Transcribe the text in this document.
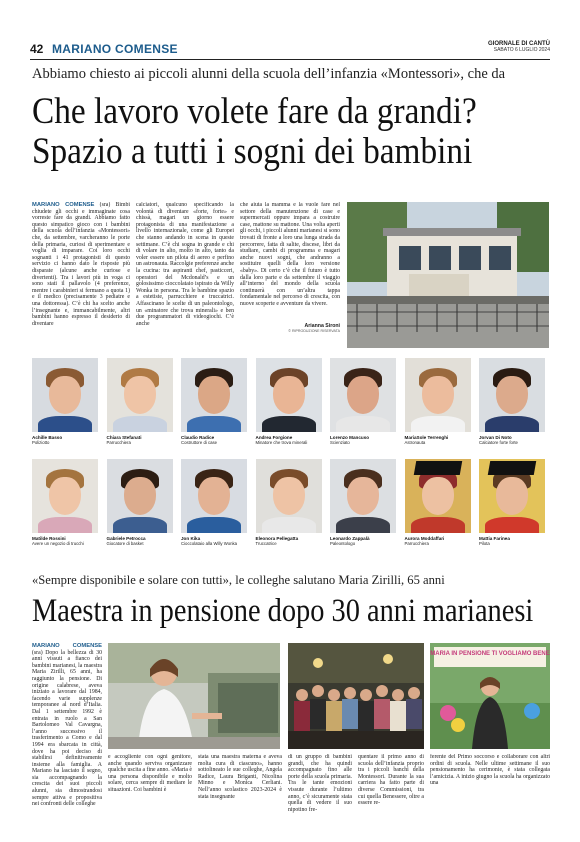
42 MARIANO COMENSE	GIORNALE DI CANTÙ
SABATO 6 LUGLIO 2024
Abbiamo chiesto ai piccoli alunni della scuola dell’infanzia «Montessori», che da
Che lavoro volete fare da grandi?
Spazio a tutti i sogni dei bambini
MARIANO COMENSE (sra) Bimbi chiudete gli occhi e immaginate cosa vorreste fare da grandi. Abbiamo fatto questo simpatico gioco con i bambini della scuola dell’infanzia «Montessori» che, da settembre, varcheranno le porte della primaria, curiosi di sperimentare e voglia di imparare. Coi loro occhi sognanti i 41 protagonisti di questo servizio ci hanno dato le risposte più disparate (alcune anche curiose e divertenti). Tra i lavori più in voga ci sono stati il pallavolo (4 preferenze, mentre i carabinieri si fermano a quota 1) e il medico (precisamente 3 pediatre e una dottoressa). C’è chi ha scelto anche l’insegnante e, immancabilmente, altri bambini hanno espresso il desiderio di diventare
calciatori, qualcuno specificando la volontà di diventare «forte, forte» e chissà, magari un giorno essere protagonista di una manifestazione a livello internazionale, come gli Europei che stanno andando in scena in queste settimane. C’è chi sogna in grande e chi di volare in alto, molto in alto, tanto da voler essere un pilota di aereo e perfino un astronauta. Raccolgie preferenze anche la cucina: tra aspiranti chef, pasticceri, operatori del Mcdonald’s e un golosissimo cioccolataio ispirato da Willy Wonka in persona. Tra le bambine spazio a estetiste, parrucchiere e truccatrici. Affascinano le scelte di un paleontologo, un «minatore che trova minerali» e ben due programmatori di videogiochi. C’è anche
che aiuta la mamma e la vuole fare nel settore della manutenzione di case e supermercati oppure impara a costruire case, mattone su mattone. Una volta aperti gli occhi, i piccoli alunni marianesi si sono trovati di fronte a loro una lunga strada da percorrere, fatta di salite, discese, libri da studiare, cambi di programma e magari anche nuovi sogni, che andranno a sostituire quelli della loro versione «baby». Di certo c’è che il futuro è tutto dalla loro parte e da settembre il viaggio all’interno del mondo della scuola continuerà con un’altra tappa fondamentale nel percorso di crescita, con nuove scoperte e avventure da vivere.
Arianna Sironi
© RIPRODUZIONE RISERVATA
Achille Basso
Poliziotto
Chiara Stefanati
Parrucchiera
Claudio Radice
Costruttore di case
Andrea Forgione
Minatore che trova minerali
Lorenzo Mancuso
Scienziato
MariaSole Terrenghi
Astronauta
Jorvan Di Noto
Calciatore forte forte
Matilde Rossini
Avere un negozio di trucchi
Gabriele Petrocca
Giocatore di basket
Jon Kika
Cioccolataio alla Willy Wonka
Eleonora Pellegatta
Truccatrice
Leonardo Zappalà
Paleontologo
Aurora Moddaffari
Parrucchiera
Mattia Farinea
Pilota
«Sempre disponibile e solare con tutti», le colleghe salutano Maria Zirilli, 65 anni
Maestra in pensione dopo 30 anni marianesi
MARIANO COMENSE (sra) Dopo la bellezza di 30 anni vissuti a fianco dei bambini marianesi, la maestra Maria Zirilli, 65 anni, ha raggiunto la pensione. Di origine calabrese, aveva iniziato a lavorare dal 1984, facendo varie supplenze temporanee al nord d’Italia. Dal 1 settembre 1992 è entrata in ruolo a San Bartolomeo Val Cavargna, l’anno successivo il trasferimento a Como e dal 1994 era sbarcata in città, dove ha poi deciso di stabilirsi definitivamente insieme alla famiglia. A Mariano ha lasciato il segno, sia accompagnando la crescita dei suoi piccoli alunni, sia dimostrandosi sempre attiva e propositiva nei confronti delle colleghe
e accogliente con ogni genitore, anche quando serviva organizzare qualche uscita a fine anno. «Maria è una persona disponibile e molto solare, cerca sempre di mediare le situazioni. Coi bambini è
stata una maestra materna e aveva molta cura di ciascuno», hanno sottolineato le sue colleghe, Angela Radice, Laura Briganti, Nicolina Minno e Monica Cerliani. Nell’anno scolastico 2023-2024 è stata insegnante
di un gruppo di bambini grandi, che ha quindi accompagnato fino alle porte della scuola primaria. Tra le tante emozioni vissute durante l’ultimo anno, c’è sicuramente stata quella di vedere il suo nipotino fre-
quentare il primo anno di scuola dell’infanzia proprio tra i piccoli banchi della Montessori. Durante la sua carriera ha fatto parte di diverse Commissioni, tra cui quella Benessere, oltre a essere re-
MARIA IN PENSIONE TI VOGLIAMO BENE
ferente del Primo soccorso e collaborare con altri ordini di scuola. Nelle ultime settimane il suo pensionamento ha cerimonie, è stata collegata l’amicizia. A inizio giugno la scuola ha organizzato una
